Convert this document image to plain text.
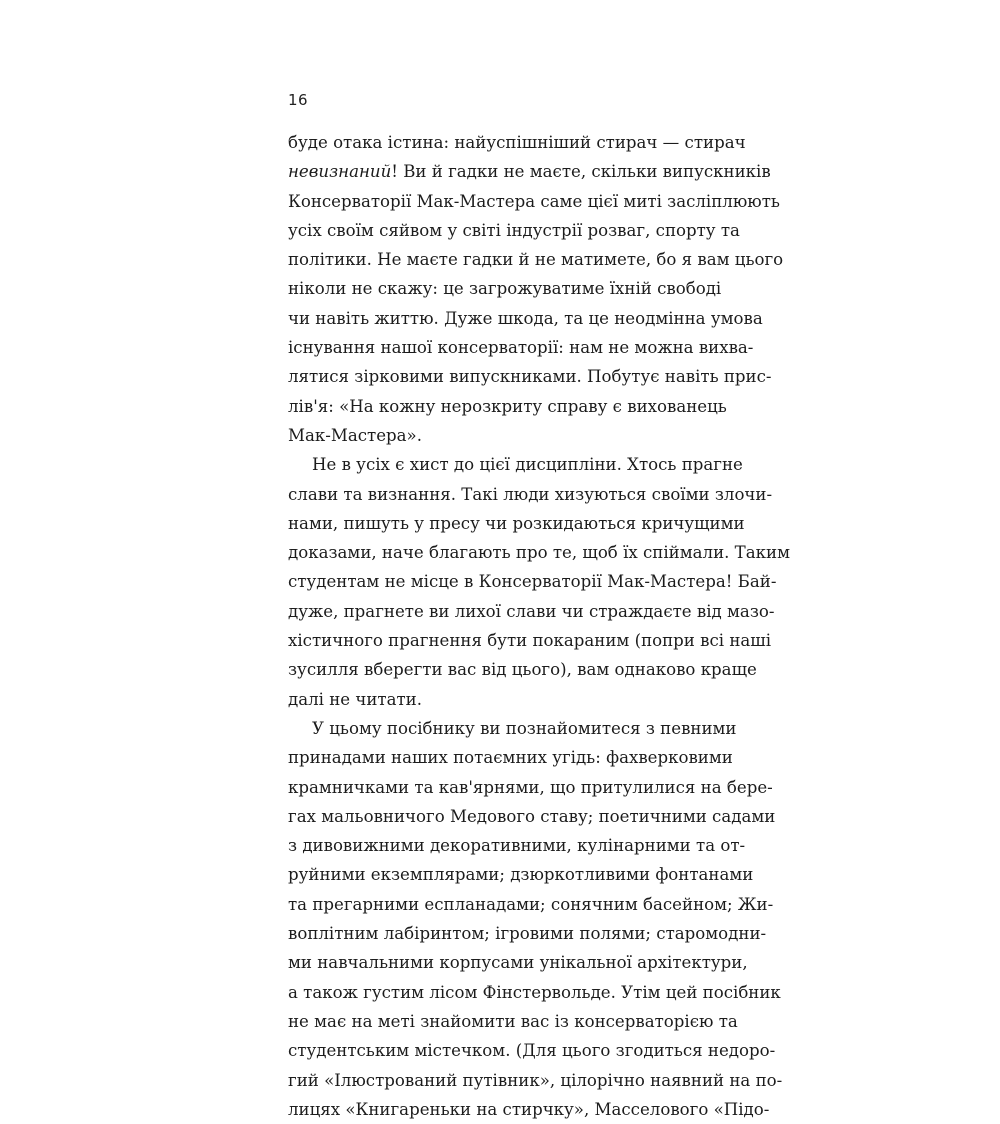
16
буде отака істина: найуспішніший стирач — стирач
невизнаний! Ви й гадки не маєте, скільки випускників
Консерваторії Мак-Мастера саме цієї миті засліплюють
усіх своїм сяйвом у світі індустрії розваг, спорту та
політики. Не маєте гадки й не матимете, бо я вам цього
ніколи не скажу: це загрожуватиме їхній свободі
чи навіть життю. Дуже шкода, та це неодмінна умова
існування нашої консерваторії: нам не можна вихва-
лятися зірковими випускниками. Побутує навіть прис-
лів'я: «На кожну нерозкриту справу є вихованець
Мак-Мастера».
Не в усіх є хист до цієї дисципліни. Хтось прагне
слави та визнання. Такі люди хизуються своїми злочи-
нами, пишуть у пресу чи розкидаються кричущими
доказами, наче благають про те, щоб їх спіймали. Таким
студентам не місце в Консерваторії Мак-Мастера! Бай-
дуже, прагнете ви лихої слави чи страждаєте від мазо-
хістичного прагнення бути покараним (попри всі наші
зусилля вберегти вас від цього), вам однаково краще
далі не читати.
У цьому посібнику ви познайомитеся з певними
принадами наших потаємних угідь: фахверковими
крамничками та кав'ярнями, що притулилися на бере-
гах мальовничого Медового ставу; поетичними садами
з дивовижними декоративними, кулінарними та от-
руйними екземплярами; дзюркотливими фонтанами
та прегарними еспланадами; сонячним басейном; Жи-
воплітним лабіринтом; ігровими полями; старомодни-
ми навчальними корпусами унікальної архітектури,
а також густим лісом Фінстервольде. Утім цей посібник
не має на меті знайомити вас із консерваторією та
студентським містечком. (Для цього згодиться недоро-
гий «Ілюстрований путівник», цілорічно наявний на по-
лицях «Книгареньки на стирчку», Масселового «Підо-
